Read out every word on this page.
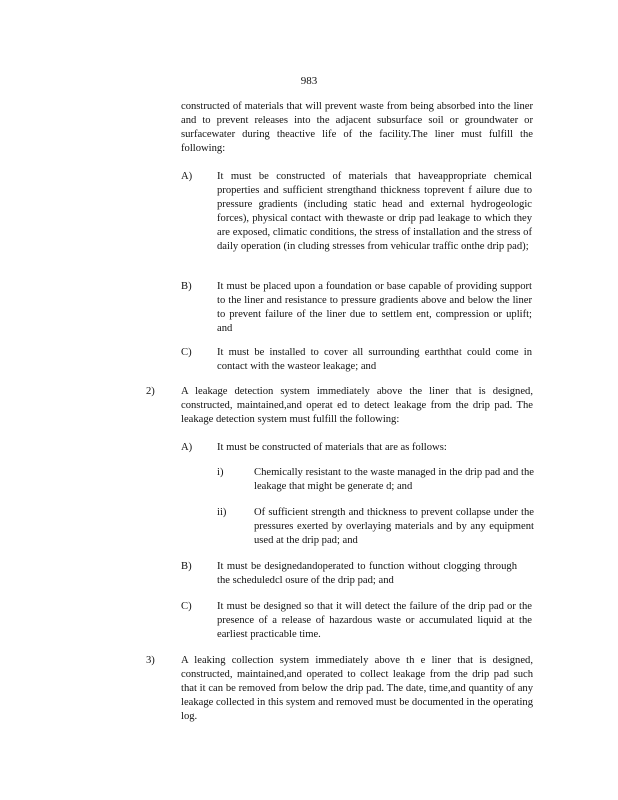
983
constructed of materials that will prevent waste from being absorbed into the liner and to prevent releases into the adjacent subsurface soil or groundwater or surfacewater during theactive life of the facility.The liner must fulfill the following:
A) It must be constructed of materials that haveappropriate chemical properties and sufficient strengthand thickness toprevent f ailure due to pressure gradients (including static head and external hydrogeologic forces), physical contact with thewaste or drip pad leakage to which they are exposed, climatic conditions, the stress of installation and the stress of daily operation (in cluding stresses from vehicular traffic onthe drip pad);
B) It must be placed upon a foundation or base capable of providing support to the liner and resistance to pressure gradients above and below the liner to prevent failure of the liner due to settlem ent, compression or uplift; and
C) It must be installed to cover all surrounding earththat could come in contact with the wasteor leakage; and
2) A leakage detection system immediately above the liner that is designed, constructed, maintained,and operat ed to detect leakage from the drip pad. The leakage detection system must fulfill the following:
A) It must be constructed of materials that are as follows:
i)	Chemically resistant to the waste managed in the drip pad and the leakage that might be generate d; and
ii)	Of sufficient strength and thickness to prevent collapse under the pressures exerted by overlaying materials and by any equipment used at the drip pad; and
B) It must be designedandoperated to function without clogging through the scheduledcl osure of the drip pad; and
C) It must be designed so that it will detect the failure of the drip pad or the presence of a release of hazardous waste or accumulated liquid at the earliest practicable time.
3) A leaking collection system immediately above th e liner that is designed, constructed, maintained,and operated to collect leakage from the drip pad such that it can be removed from below the drip pad. The date, time,and quantity of any leakage collected in this system and removed must be documented in the operating log.
